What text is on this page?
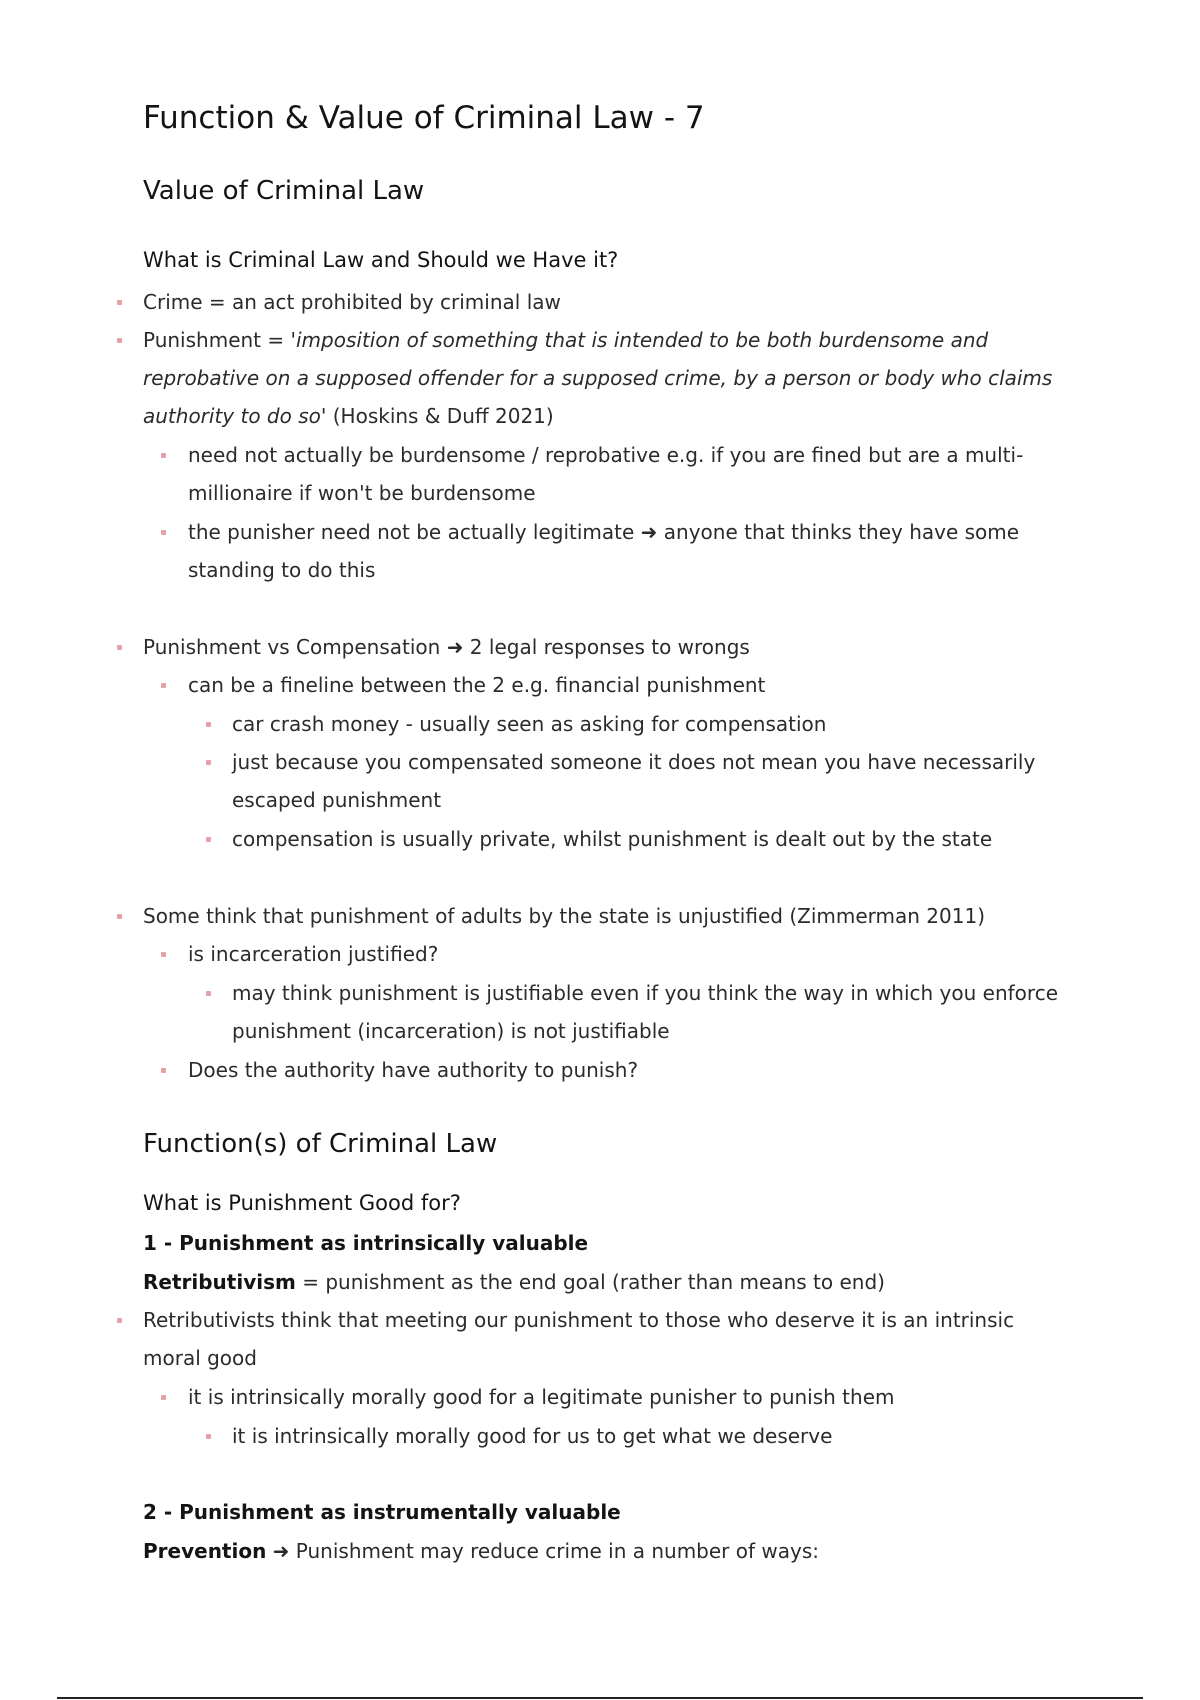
Function & Value of Criminal Law - 7
Value of Criminal Law
What is Criminal Law and Should we Have it?
Crime = an act prohibited by criminal law
Punishment = 'imposition of something that is intended to be both burdensome and
reprobative on a supposed offender for a supposed crime, by a person or body who claims
authority to do so' (Hoskins & Duff 2021)
need not actually be burdensome / reprobative e.g. if you are fined but are a multi-
millionaire if won't be burdensome
the punisher need not be actually legitimate ➜ anyone that thinks they have some
standing to do this
Punishment vs Compensation ➜ 2 legal responses to wrongs
can be a fineline between the 2 e.g. financial punishment
car crash money - usually seen as asking for compensation
just because you compensated someone it does not mean you have necessarily
escaped punishment
compensation is usually private, whilst punishment is dealt out by the state
Some think that punishment of adults by the state is unjustified (Zimmerman 2011)
is incarceration justified?
may think punishment is justifiable even if you think the way in which you enforce
punishment (incarceration) is not justifiable
Does the authority have authority to punish?
Function(s) of Criminal Law
What is Punishment Good for?
1 - Punishment as intrinsically valuable
Retributivism = punishment as the end goal (rather than means to end)
Retributivists think that meeting our punishment to those who deserve it is an intrinsic
moral good
it is intrinsically morally good for a legitimate punisher to punish them
it is intrinsically morally good for us to get what we deserve
2 - Punishment as instrumentally valuable
Prevention ➜ Punishment may reduce crime in a number of ways:
